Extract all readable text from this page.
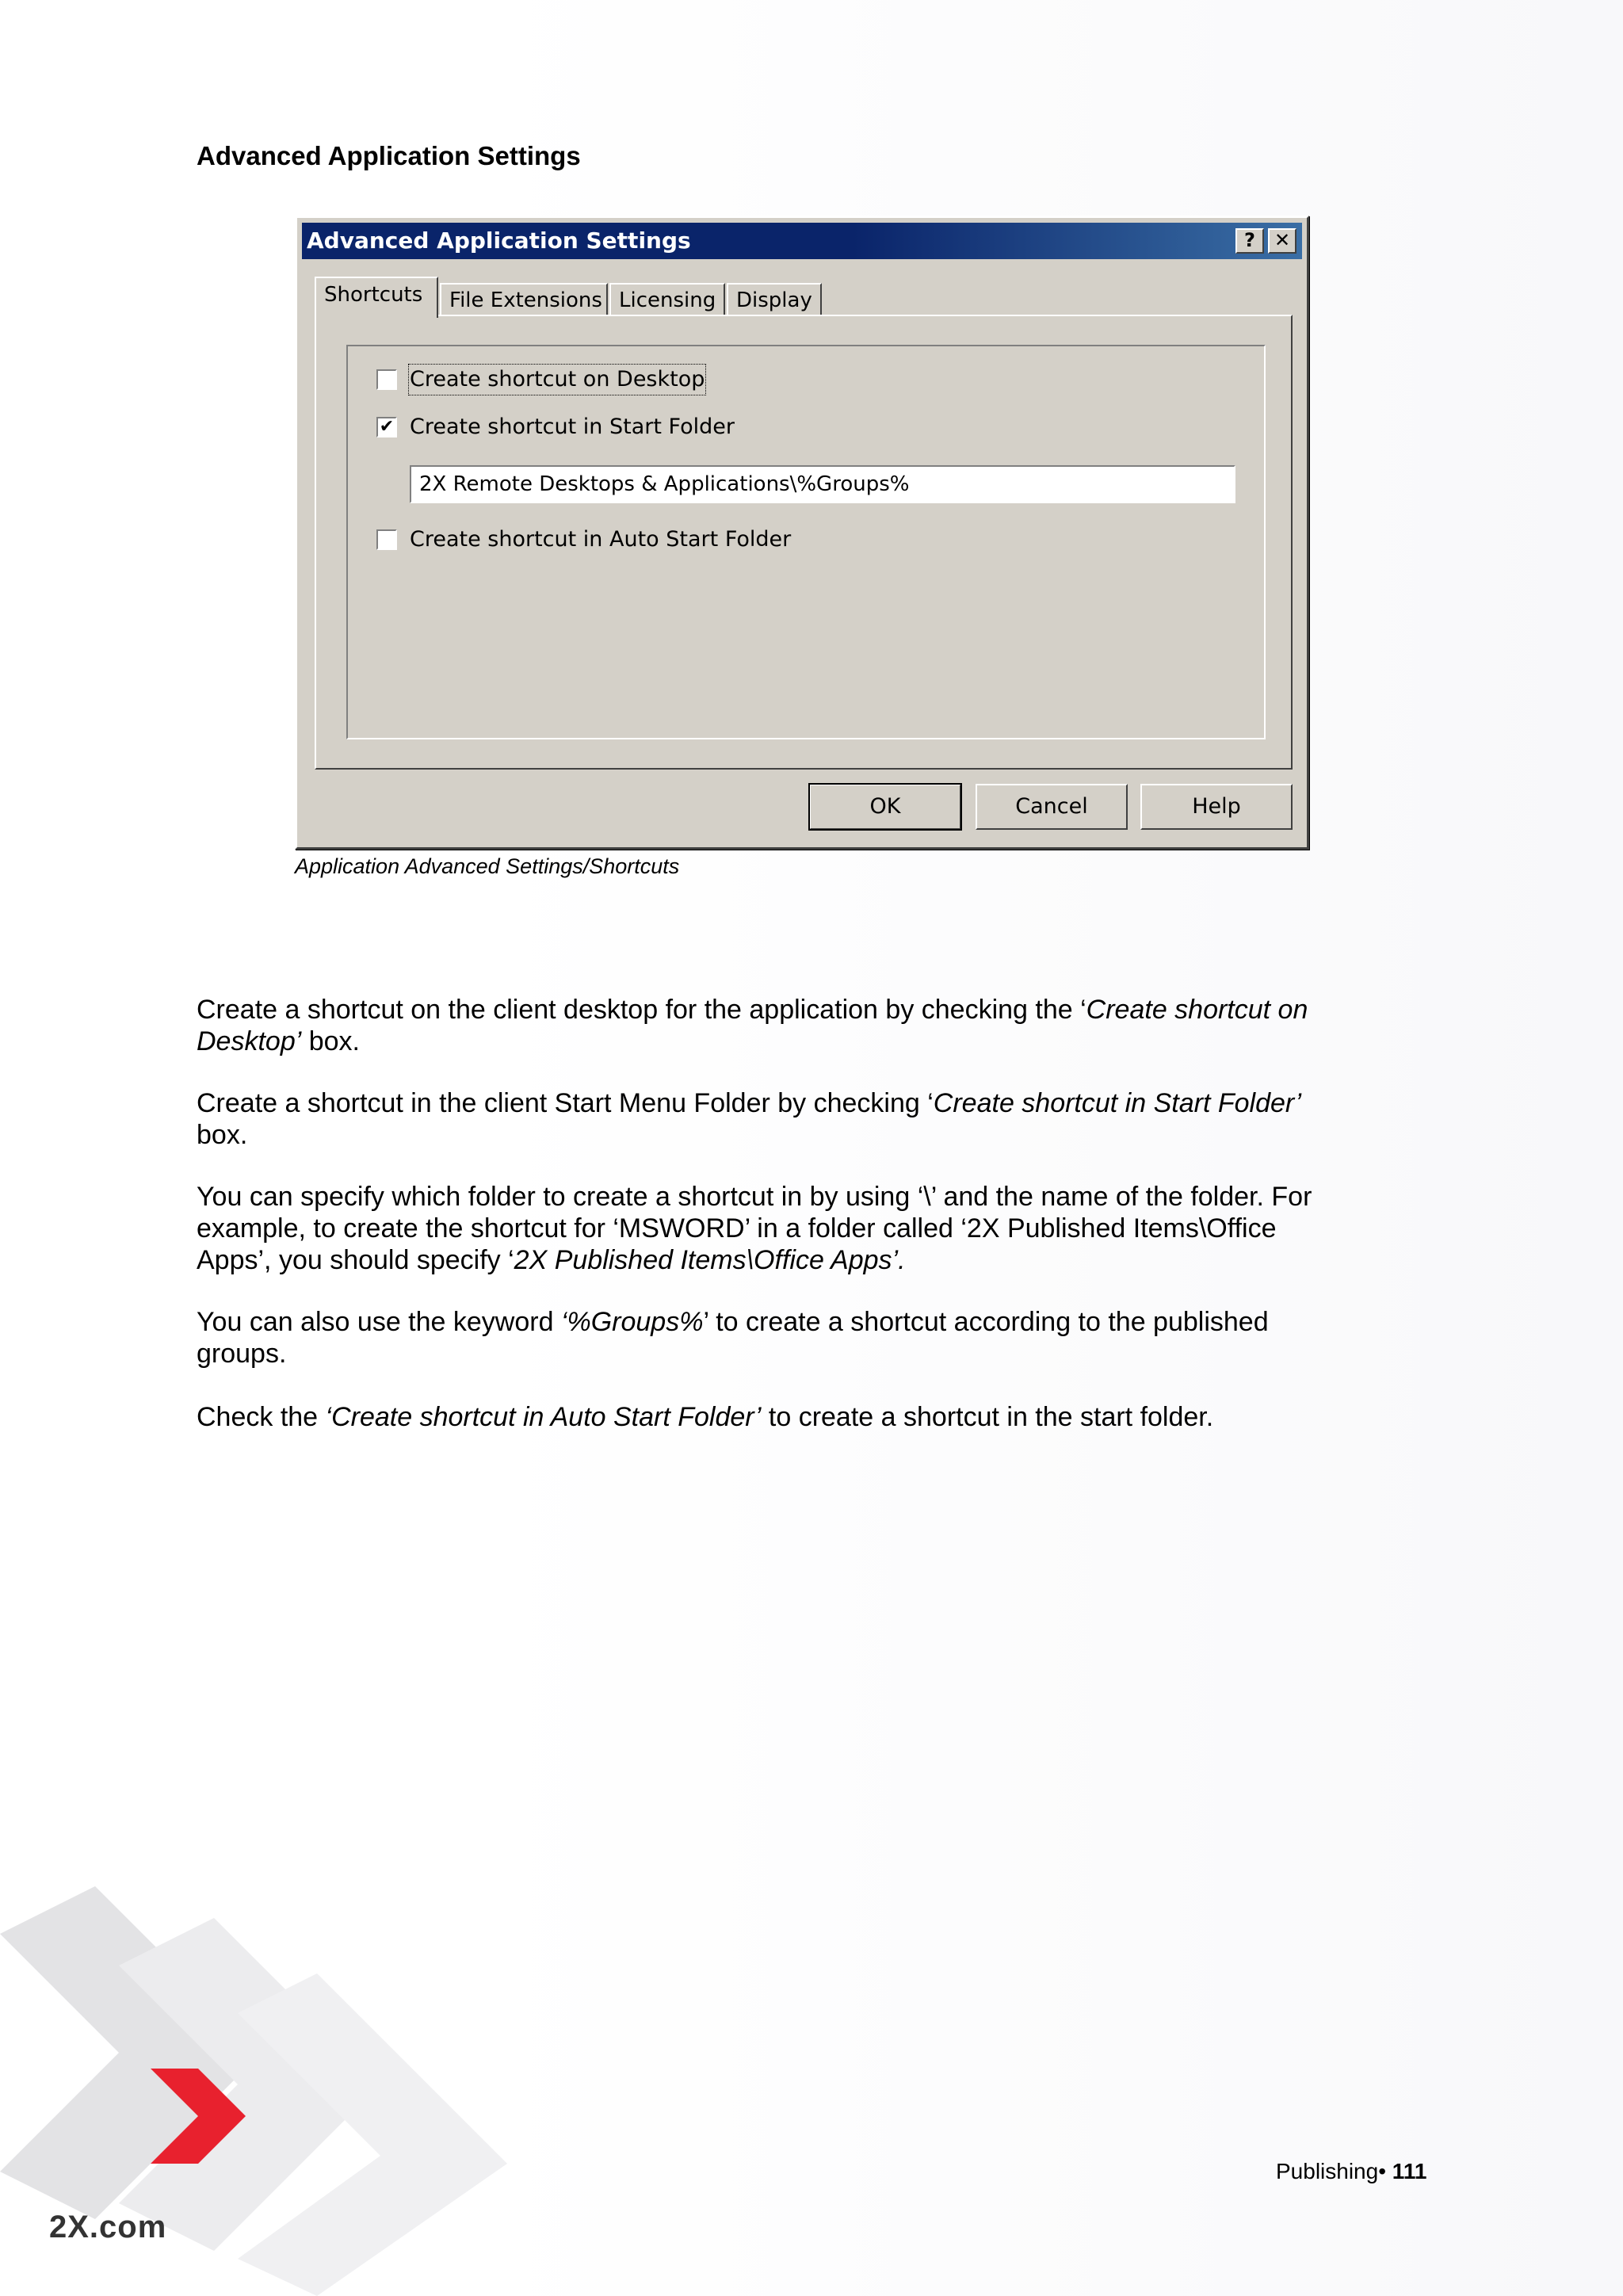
Advanced Application Settings
Advanced Application Settings	? ✕
Shortcuts	File Extensions Licensing Display
Create shortcut on Desktop
✔ Create shortcut in Start Folder
2X Remote Desktops & Applications\%Groups%
Create shortcut in Auto Start Folder
OK	Cancel	Help
Application Advanced Settings/Shortcuts
Create a shortcut on the client desktop for the application by checking the ‘Create shortcut on Desktop’ box.
Create a shortcut in the client Start Menu Folder by checking ‘Create shortcut in Start Folder’ box.
You can specify which folder to create a shortcut in by using ‘\’ and the name of the folder. For example, to create the shortcut for ‘MSWORD’ in a folder called ‘2X Published Items\Office Apps’, you should specify ‘2X Published Items\Office Apps’.
You can also use the keyword ‘%Groups%’ to create a shortcut according to the published groups.
Check the ‘Create shortcut in Auto Start Folder’ to create a shortcut in the start folder.
2X.com
Publishing• 111
